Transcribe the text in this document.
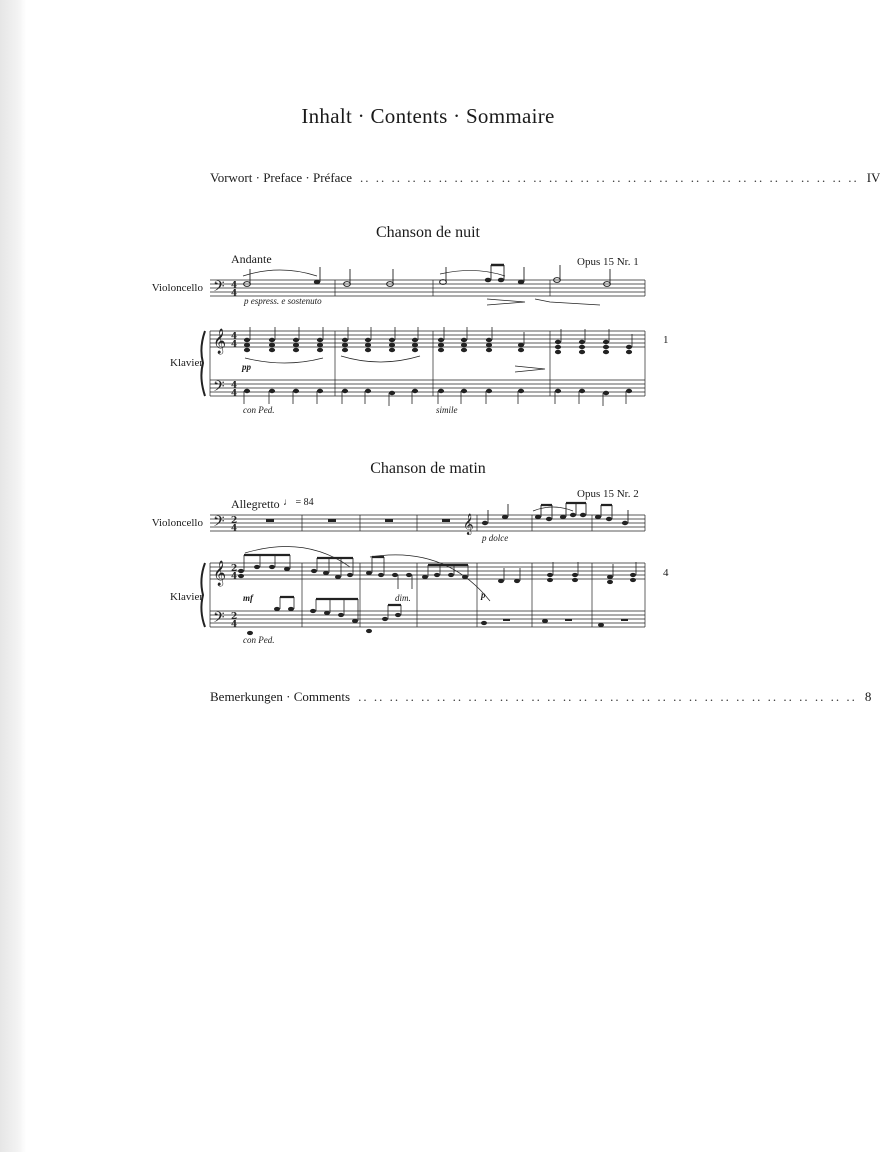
Inhalt · Contents · Sommaire
Vorwort · Preface · Préface .. .. .. .. .. .. .. .. .. .. .. .. .. .. .. .. .. .. .. .. .. .. .. .. .. .. .. .. .. .. .. .. IV
Chanson de nuit
Andante	Opus 15 Nr. 1
Violoncello
Klavier
1
p espress. e sostenuto
pp
con Ped.	simile
𝄢
𝄞
𝄢
4
4
4
4
4
4
Chanson de matin
Allegretto ♩ = 84
Opus 15 Nr. 2
Violoncello
Klavier
4
p dolce
mf	dim.	p
con Ped.
𝄢
𝄞
𝄢
𝄞
2
4
2
4
2
4
Bemerkungen · Comments .. .. .. .. .. .. .. .. .. .. .. .. .. .. .. .. .. .. .. .. .. .. .. .. .. .. .. .. .. .. .. .. 8
